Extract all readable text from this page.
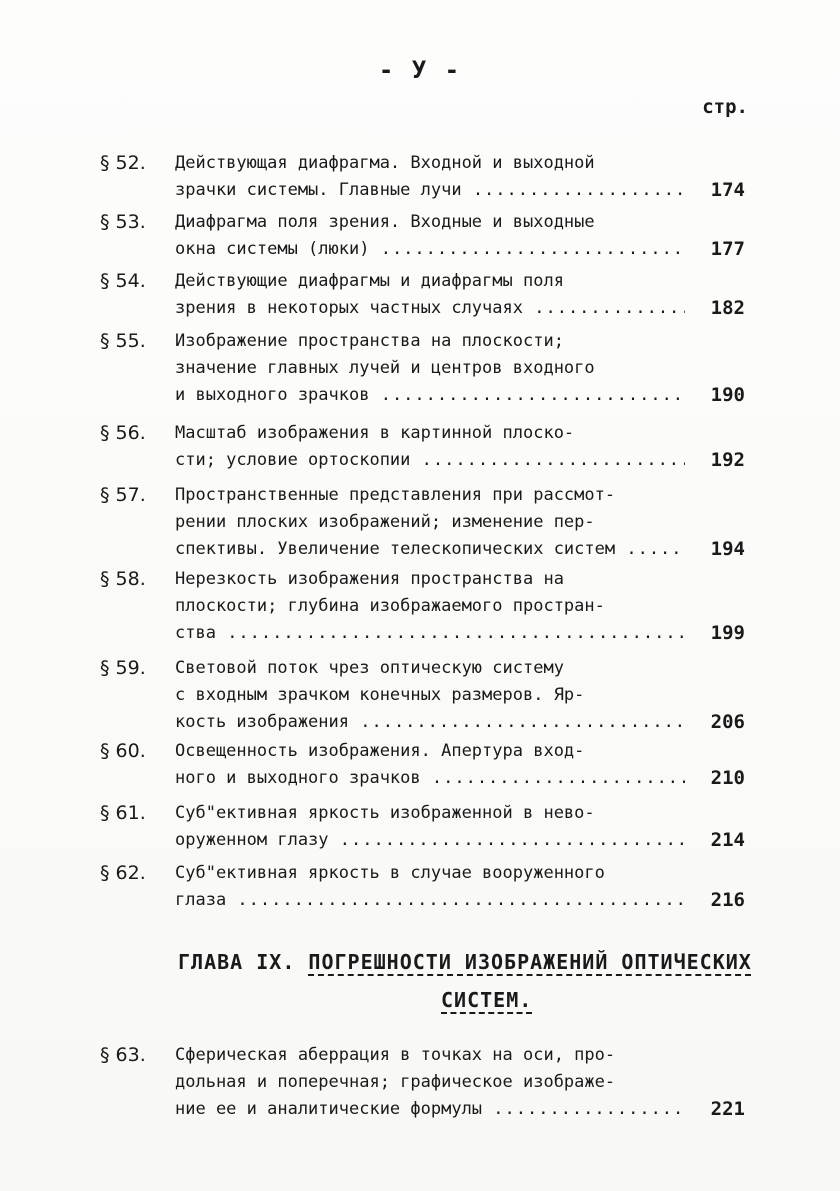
- У -
стр.
§ 52.	Действующая диафрагма. Входной и выходной
зрачки системы. Главные лучи .....	174
§ 53.	Диафрагма поля зрения. Входные и выходные
окна системы (люки) .....	177
§ 54.	Действующие диафрагмы и диафрагмы поля
зрения в некоторых частных случаях .....	182
§ 55.	Изображение пространства на плоскости;
значение главных лучей и центров входного
и выходного зрачков .....	190
§ 56.	Масштаб изображения в картинной плоско-
сти; условие ортоскопии .....	192
§ 57.	Пространственные представления при рассмот-
рении плоских изображений; изменение пер-
спективы. Увеличение телескопических систем .....	194
§ 58.	Нерезкость изображения пространства на
плоскости; глубина изображаемого простран-
ства .....	199
§ 59.	Световой поток чрез оптическую систему
с входным зрачком конечных размеров. Яр-
кость изображения .....	206
§ 60.	Освещенность изображения. Апертура вход-
ного и выходного зрачков .....	210
§ 61.	Суб"ективная яркость изображенной в нево-
оруженном глазу .....	214
§ 62.	Суб"ективная яркость в случае вооруженного
глаза .....	216
§ 63.	Сферическая аберрация в точках на оси, про-
дольная и поперечная; графическое изображе-
ние ее и аналитические формулы .....	221
ГЛАВА IX. ПОГРЕШНОСТИ ИЗОБРАЖЕНИЙ ОПТИЧЕСКИХ
СИСТЕМ.
